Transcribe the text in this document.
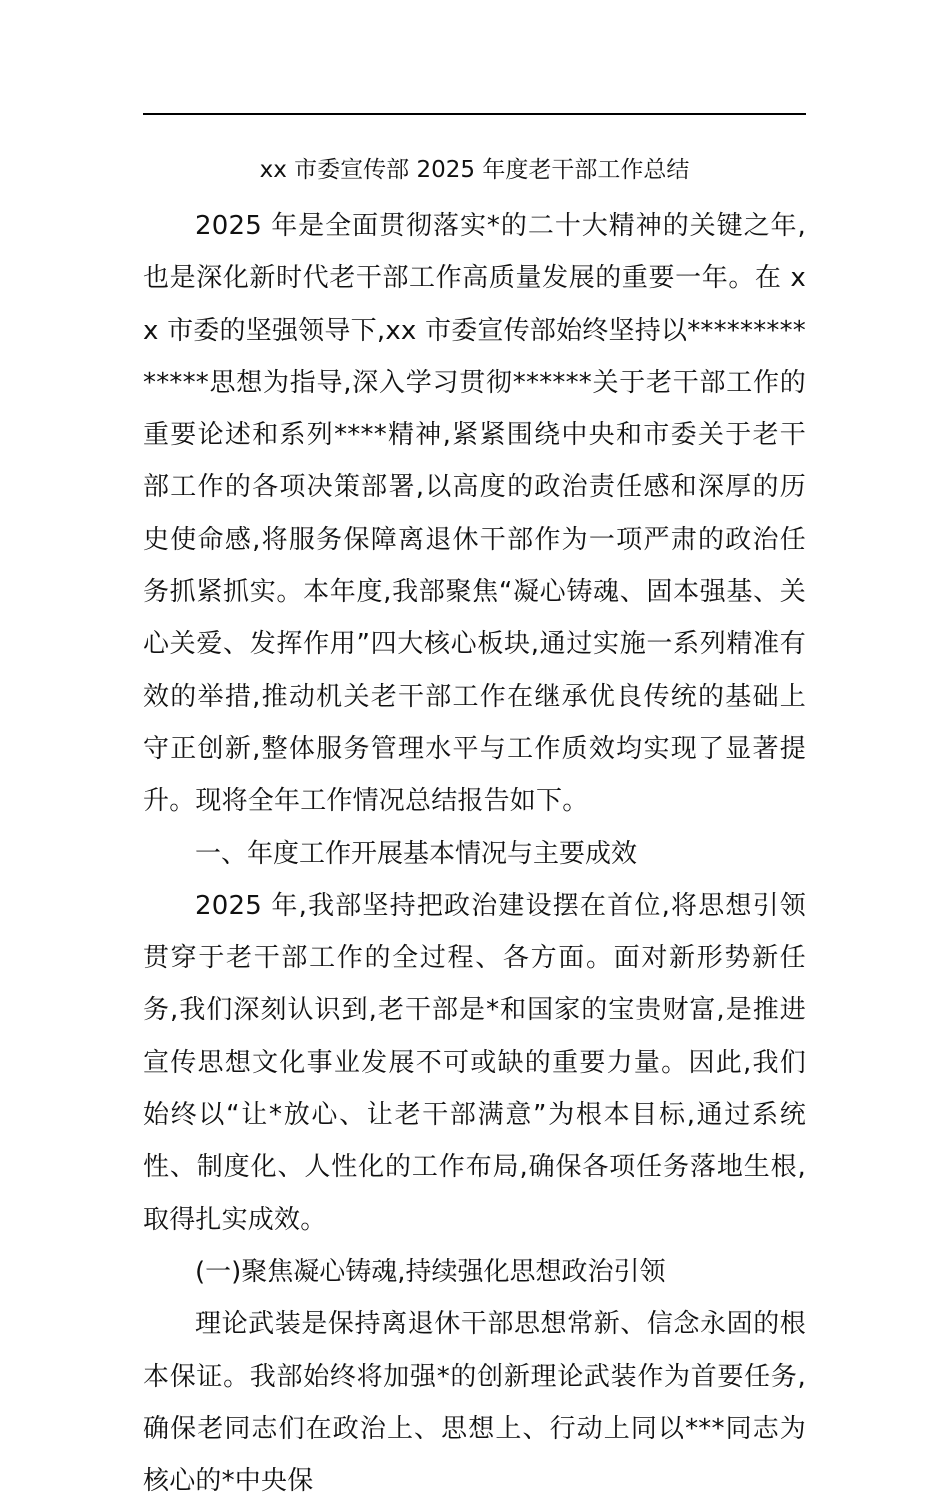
xx 市委宣传部 2025 年度老干部工作总结

2025 年是全面贯彻落实*的二十大精神的关键之年,也是深化新时代老干部工作高质量发展的重要一年。在 xx 市委的坚强领导下,xx 市委宣传部始终坚持以**************思想为指导,深入学习贯彻******关于老干部工作的重要论述和系列****精神,紧紧围绕中央和市委关于老干部工作的各项决策部署,以高度的政治责任感和深厚的历史使命感,将服务保障离退休干部作为一项严肃的政治任务抓紧抓实。本年度,我部聚焦“凝心铸魂、固本强基、关心关爱、发挥作用”四大核心板块,通过实施一系列精准有效的举措,推动机关老干部工作在继承优良传统的基础上守正创新,整体服务管理水平与工作质效均实现了显著提升。现将全年工作情况总结报告如下。

一、年度工作开展基本情况与主要成效

2025 年,我部坚持把政治建设摆在首位,将思想引领贯穿于老干部工作的全过程、各方面。面对新形势新任务,我们深刻认识到,老干部是*和国家的宝贵财富,是推进宣传思想文化事业发展不可或缺的重要力量。因此,我们始终以“让*放心、让老干部满意”为根本目标,通过系统性、制度化、人性化的工作布局,确保各项任务落地生根,取得扎实成效。

(一)聚焦凝心铸魂,持续强化思想政治引领

理论武装是保持离退休干部思想常新、信念永固的根本保证。我部始终将加强*的创新理论武装作为首要任务,确保老同志们在政治上、思想上、行动上同以***同志为核心的*中央保
